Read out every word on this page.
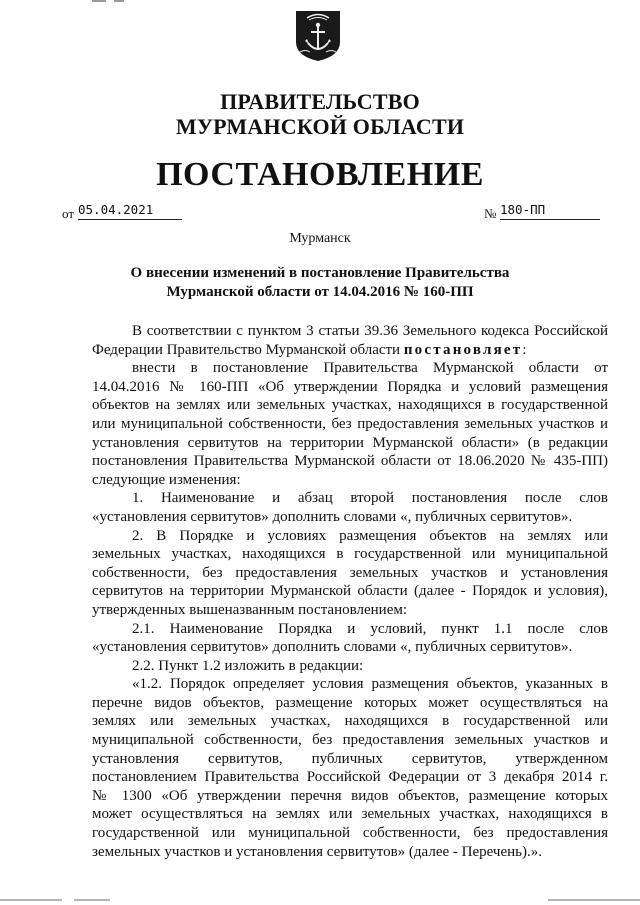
ПРАВИТЕЛЬСТВО
МУРМАНСКОЙ ОБЛАСТИ
ПОСТАНОВЛЕНИЕ
от 05.04.2021	№ 180-ПП
Мурманск
О внесении изменений в постановление Правительства
Мурманской области от 14.04.2016 № 160-ПП

В соответствии с пунктом 3 статьи 39.36 Земельного кодекса Российской

Федерации Правительство Мурманской области постановляет:

внести в постановление Правительства Мурманской области от

14.04.2016 № 160-ПП «Об утверждении Порядка и условий размещения

объектов на землях или земельных участках, находящихся в государственной

или муниципальной собственности, без предоставления земельных участков и

установления сервитутов на территории Мурманской области» (в редакции

постановления Правительства Мурманской области от 18.06.2020 № 435-ПП)

следующие изменения:

1. Наименование и абзац второй постановления после слов

«установления сервитутов» дополнить словами «, публичных сервитутов».

2. В Порядке и условиях размещения объектов на землях или

земельных участках, находящихся в государственной или муниципальной

собственности, без предоставления земельных участков и установления

сервитутов на территории Мурманской области (далее - Порядок и условия),

утвержденных вышеназванным постановлением:

2.1. Наименование Порядка и условий, пункт 1.1 после слов

«установления сервитутов» дополнить словами «, публичных сервитутов».

2.2. Пункт 1.2 изложить в редакции:

«1.2. Порядок определяет условия размещения объектов, указанных в

перечне видов объектов, размещение которых может осуществляться на

землях или земельных участках, находящихся в государственной или

муниципальной собственности, без предоставления земельных участков и

установления сервитутов, публичных сервитутов, утвержденном

постановлением Правительства Российской Федерации от 3 декабря 2014 г.

№ 1300 «Об утверждении перечня видов объектов, размещение которых

может осуществляться на землях или земельных участках, находящихся в

государственной или муниципальной собственности, без предоставления

земельных участков и установления сервитутов» (далее - Перечень).».
